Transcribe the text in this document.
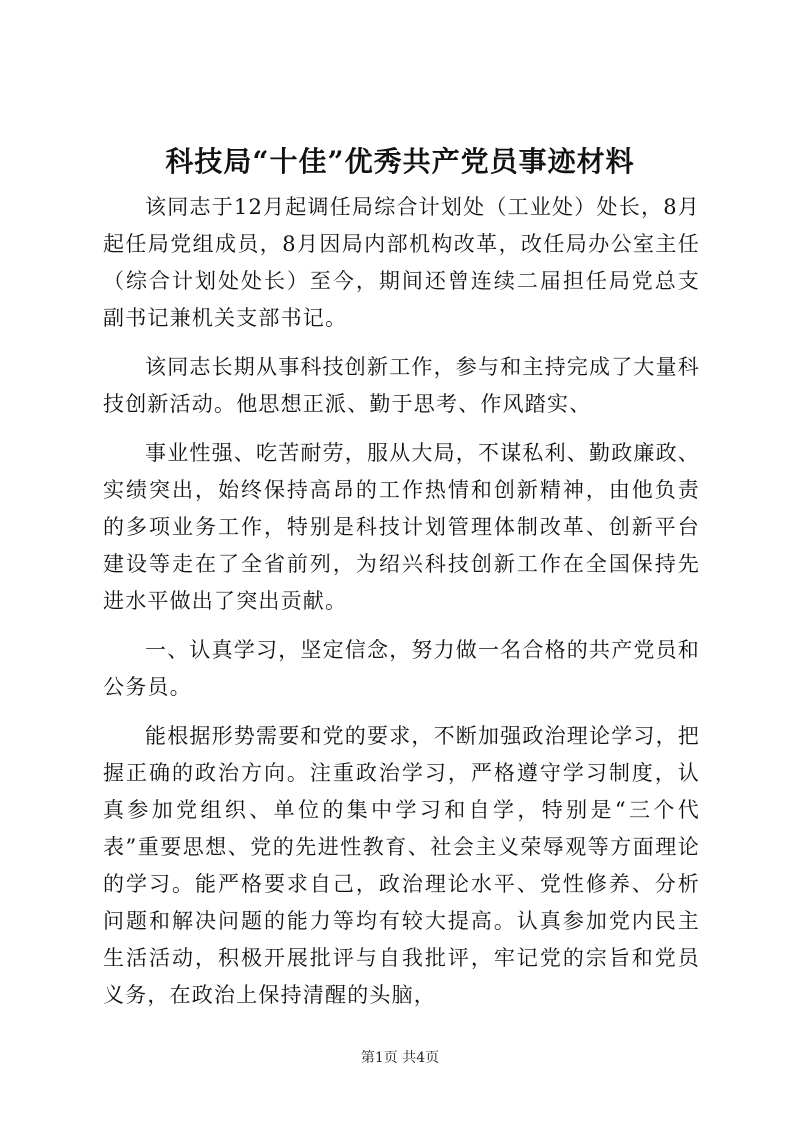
科技局“十佳”优秀共产党员事迹材料

该同志于12月起调任局综合计划处（工业处）处长，8月起任局党组成员，8月因局内部机构改革，改任局办公室主任（综合计划处处长）至今，期间还曾连续二届担任局党总支副书记兼机关支部书记。

该同志长期从事科技创新工作，参与和主持完成了大量科技创新活动。他思想正派、勤于思考、作风踏实、

事业性强、吃苦耐劳，服从大局，不谋私利、勤政廉政、实绩突出，始终保持高昂的工作热情和创新精神，由他负责的多项业务工作，特别是科技计划管理体制改革、创新平台建设等走在了全省前列，为绍兴科技创新工作在全国保持先进水平做出了突出贡献。

一、认真学习，坚定信念，努力做一名合格的共产党员和公务员。

能根据形势需要和党的要求，不断加强政治理论学习，把握正确的政治方向。注重政治学习，严格遵守学习制度，认真参加党组织、单位的集中学习和自学，特别是“三个代表”重要思想、党的先进性教育、社会主义荣辱观等方面理论的学习。能严格要求自己，政治理论水平、党性修养、分析问题和解决问题的能力等均有较大提高。认真参加党内民主生活活动，积极开展批评与自我批评，牢记党的宗旨和党员义务，在政治上保持清醒的头脑，

第1页 共4页
